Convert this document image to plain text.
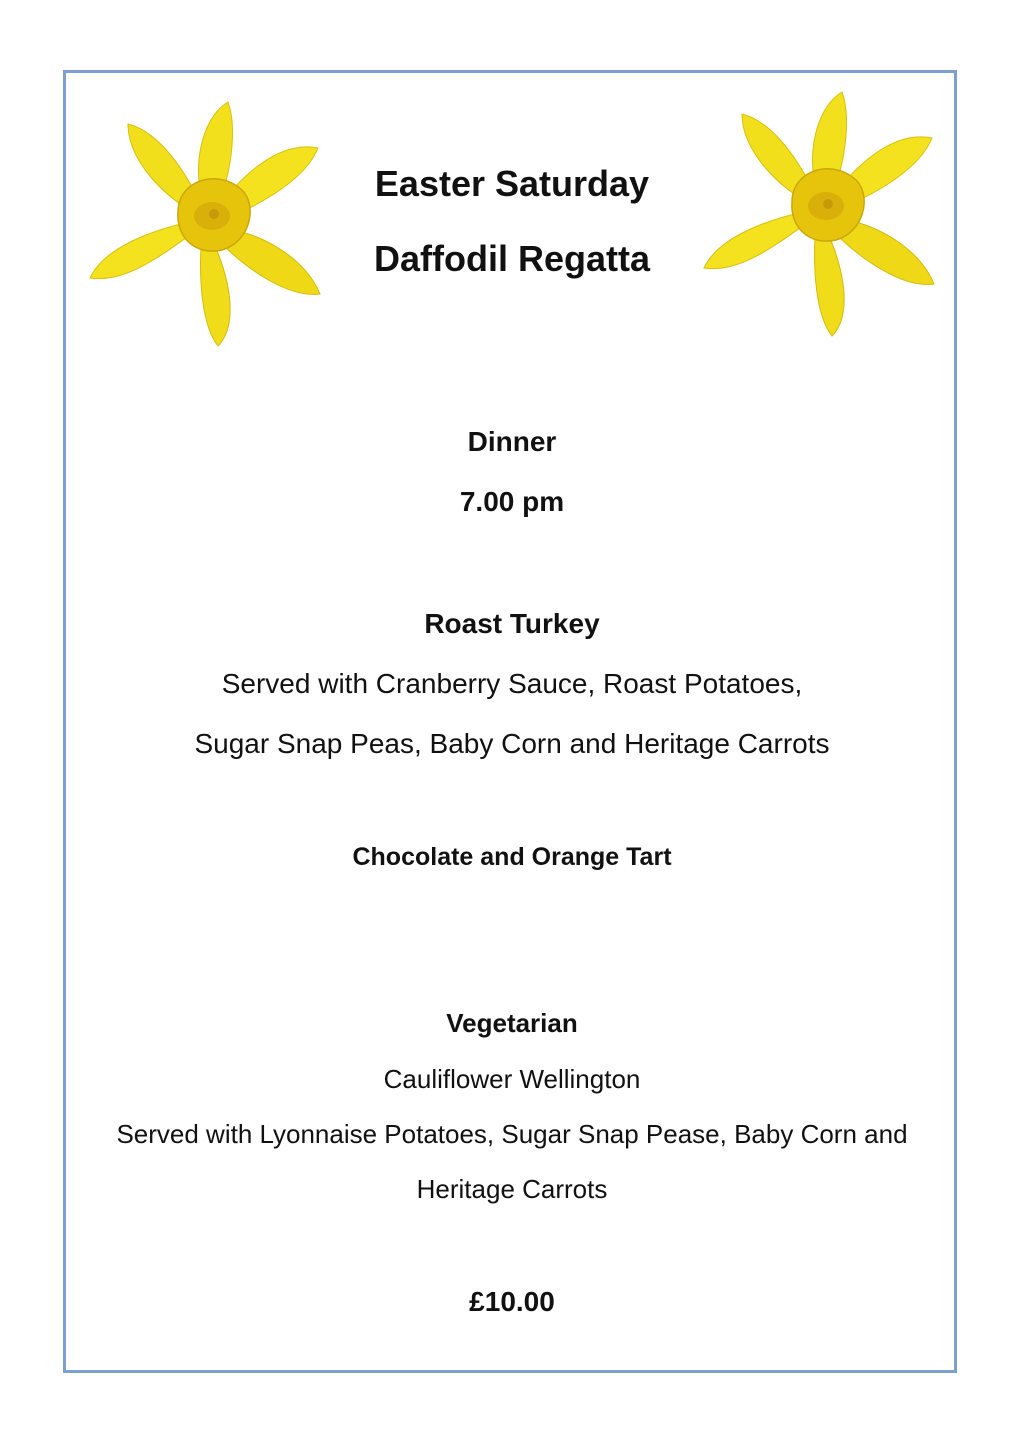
Easter Saturday
Daffodil Regatta
Dinner
7.00 pm
Roast Turkey
Served with Cranberry Sauce, Roast Potatoes,
Sugar Snap Peas, Baby Corn and Heritage Carrots
Chocolate and Orange Tart
Vegetarian
Cauliflower Wellington
Served with Lyonnaise Potatoes, Sugar Snap Pease, Baby Corn and
Heritage Carrots
£10.00
